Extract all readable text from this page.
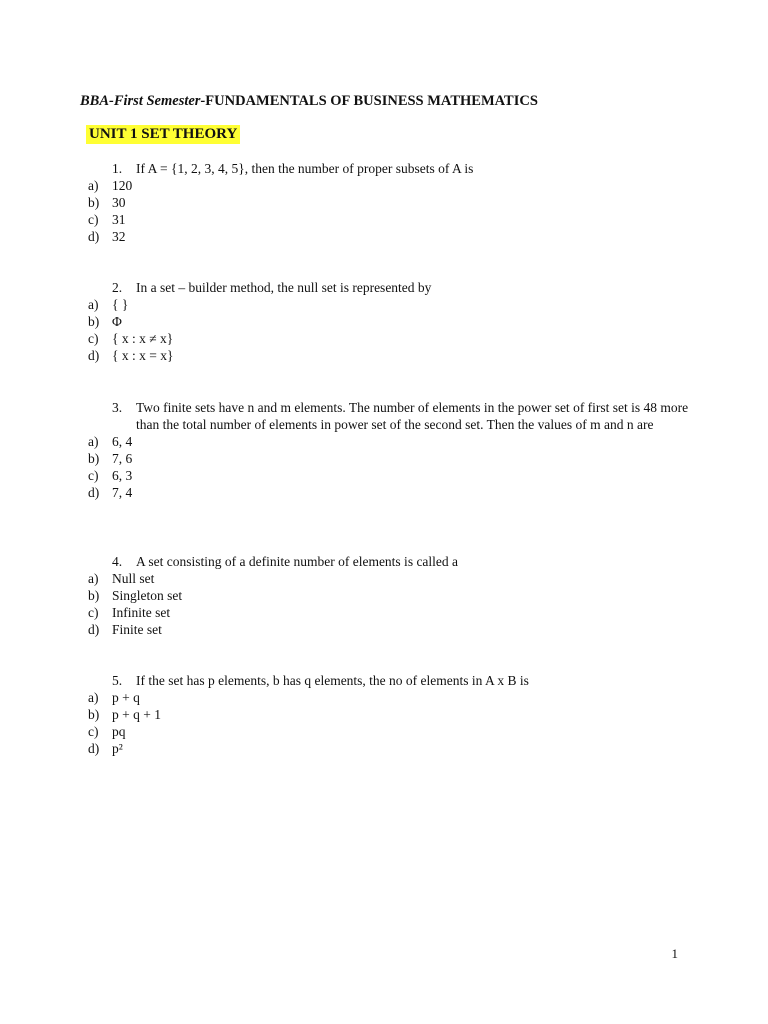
BBA-First Semester-FUNDAMENTALS OF BUSINESS MATHEMATICS
UNIT 1 SET THEORY
1. If A = {1, 2, 3, 4, 5}, then the number of proper subsets of A is
a) 120
b) 30
c) 31
d) 32
2. In a set – builder method, the null set is represented by
a) { }
b) Φ
c) { x : x ≠ x}
d) { x : x = x}
3. Two finite sets have n and m elements. The number of elements in the power set of first set is 48 more than the total number of elements in power set of the second set. Then the values of m and n are
a) 6, 4
b) 7, 6
c) 6, 3
d) 7, 4
4. A set consisting of a definite number of elements is called a
a) Null set
b) Singleton set
c) Infinite set
d) Finite set
5. If the set has p elements, b has q elements, the no of elements in A x B is
a) p + q
b) p + q + 1
c) pq
d) p²
1
